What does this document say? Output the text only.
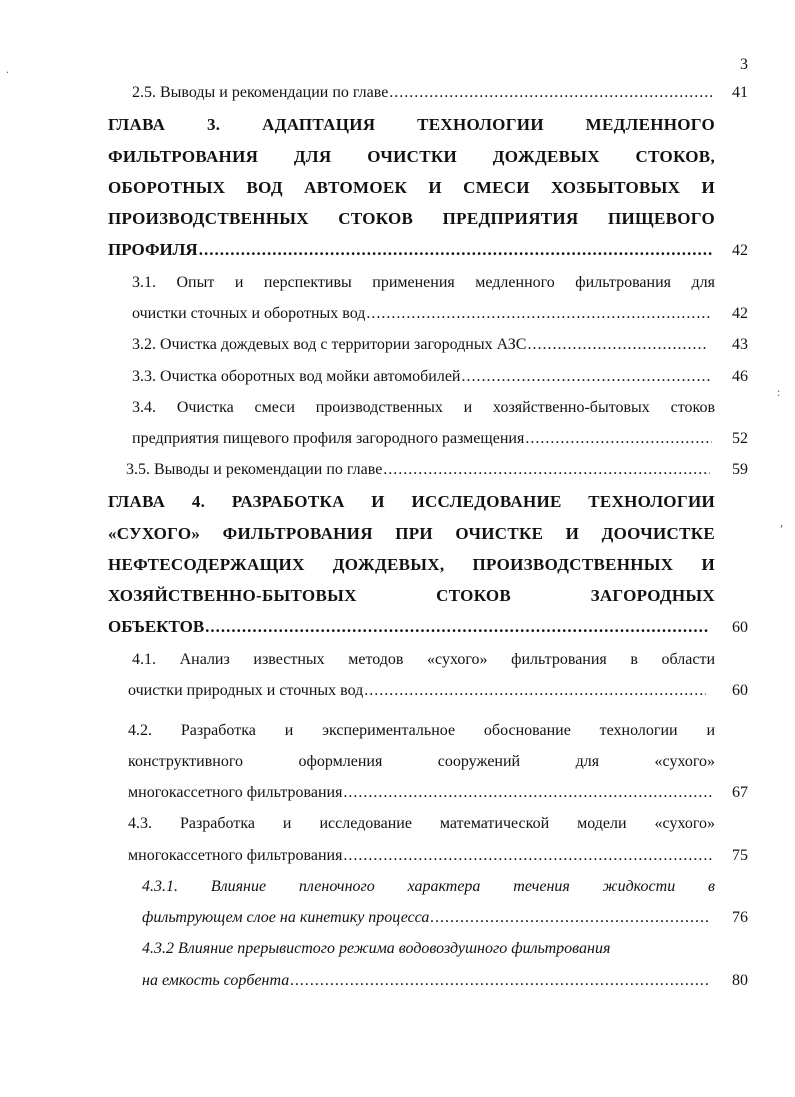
3
2.5. Выводы и рекомендации по главе .....	41
ГЛАВА 3. АДАПТАЦИЯ ТЕХНОЛОГИИ МЕДЛЕННОГО
ФИЛЬТРОВАНИЯ ДЛЯ ОЧИСТКИ ДОЖДЕВЫХ СТОКОВ,
ОБОРОТНЫХ ВОД АВТОМОЕК И СМЕСИ ХОЗБЫТОВЫХ И
ПРОИЗВОДСТВЕННЫХ СТОКОВ ПРЕДПРИЯТИЯ ПИЩЕВОГО
ПРОФИЛЯ .....	42
3.1. Опыт и перспективы применения медленного фильтрования для
очистки сточных и оборотных вод .....	42
3.2. Очистка дождевых вод с территории загородных АЗС .....	43
3.3. Очистка оборотных вод мойки автомобилей .....	46
3.4. Очистка смеси производственных и хозяйственно-бытовых стоков
предприятия пищевого профиля загородного размещения .....	52
3.5. Выводы и рекомендации по главе .....	59
ГЛАВА 4. РАЗРАБОТКА И ИССЛЕДОВАНИЕ ТЕХНОЛОГИИ
«СУХОГО» ФИЛЬТРОВАНИЯ ПРИ ОЧИСТКЕ И ДООЧИСТКЕ
НЕФТЕСОДЕРЖАЩИХ ДОЖДЕВЫХ, ПРОИЗВОДСТВЕННЫХ И
ХОЗЯЙСТВЕННО-БЫТОВЫХ СТОКОВ ЗАГОРОДНЫХ
ОБЪЕКТОВ .....	60
4.1. Анализ известных методов «сухого» фильтрования в области
очистки природных и сточных вод .....	60
4.2. Разработка и экспериментальное обоснование технологии и
конструктивного оформления сооружений для «сухого»
многокассетного фильтрования .....	67
4.3. Разработка и исследование математической модели «сухого»
многокассетного фильтрования .....	75
4.3.1. Влияние пленочного характера течения жидкости в
фильтрующем слое на кинетику процесса .....	76
4.3.2 Влияние прерывистого режима водовоздушного фильтрования
на емкость сорбента .....	80
.
:
,
